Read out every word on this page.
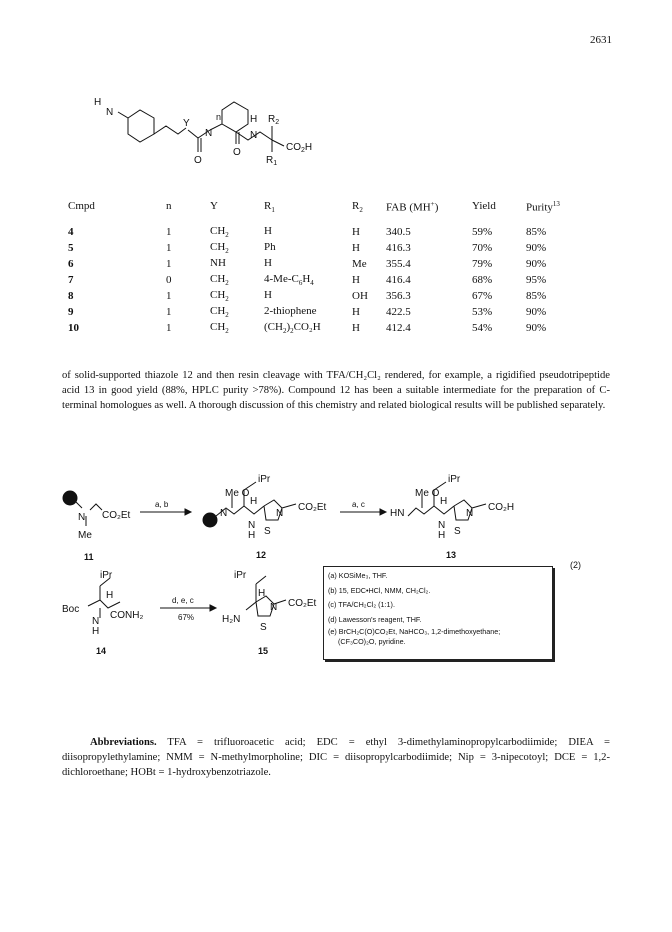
2631
H
N
Y
n
N
H
N
$R_2$
$CO_2H$
O
O
$R_1$
Cmpd	n	Y	$R_1$	$R_2$	FAB (MH+)	Yield	Purity$^{13}$
4	1	$CH_2$	H	H	340.5	59%	85%
5	1	$CH_2$	Ph	H	416.3	70%	90%
6	1	NH	H	Me	355.4	79%	90%
7	0	$CH_2$	$4-Me-C_6H_4$	H	416.4	68%	95%
8	1	$CH_2$	H	OH	356.3	67%	85%
9	1	$CH_2$	2-thiophene	H	422.5	53%	90%
10	1	$CH_2$	$(CH_2)_2CO_2H$	H	412.4	54%	90%
of solid-supported thiazole 12 and then resin cleavage with TFA/CH₂Cl₂ rendered, for example, a rigidified pseudotripeptide acid 13 in good yield (88%, HPLC purity >78%). Compound 12 has been a suitable intermediate for the preparation of C-terminal homologues as well. A thorough discussion of this chemistry and related biological results will be published separately.
N CO₂Et
Me
a, b
11
iPr
Me O
N
H
N
H
N
S
CO₂Et
12
a, c
iPr
Me O
HN
H
N
H
N
S
CO₂H
13
iPr
H
Boc
N
H
CONH₂
d, e, c
67%
14
iPr
H
H₂N
N
S
CO₂Et
15
(2)
(a) KOSiMe₃, THF.
(b) 15, EDC•HCl, NMM, CH₂Cl₂.
(c) TFA/CH₂Cl₂ (1:1).
(d) Lawesson's reagent, THF.
(e) BrCH₂C(O)CO₂Et, NaHCO₃, 1,2-dimethoxyethane;
(CF₃CO)₂O, pyridine.
Abbreviations. TFA = trifluoroacetic acid; EDC = ethyl 3-dimethylaminopropylcarbodiimide; DIEA = diisopropylethylamine; NMM = N-methylmorpholine; DIC = diisopropylcarbodiimide; Nip = 3-nipecotoyl; DCE = 1,2-dichloroethane; HOBt = 1-hydroxybenzotriazole.
